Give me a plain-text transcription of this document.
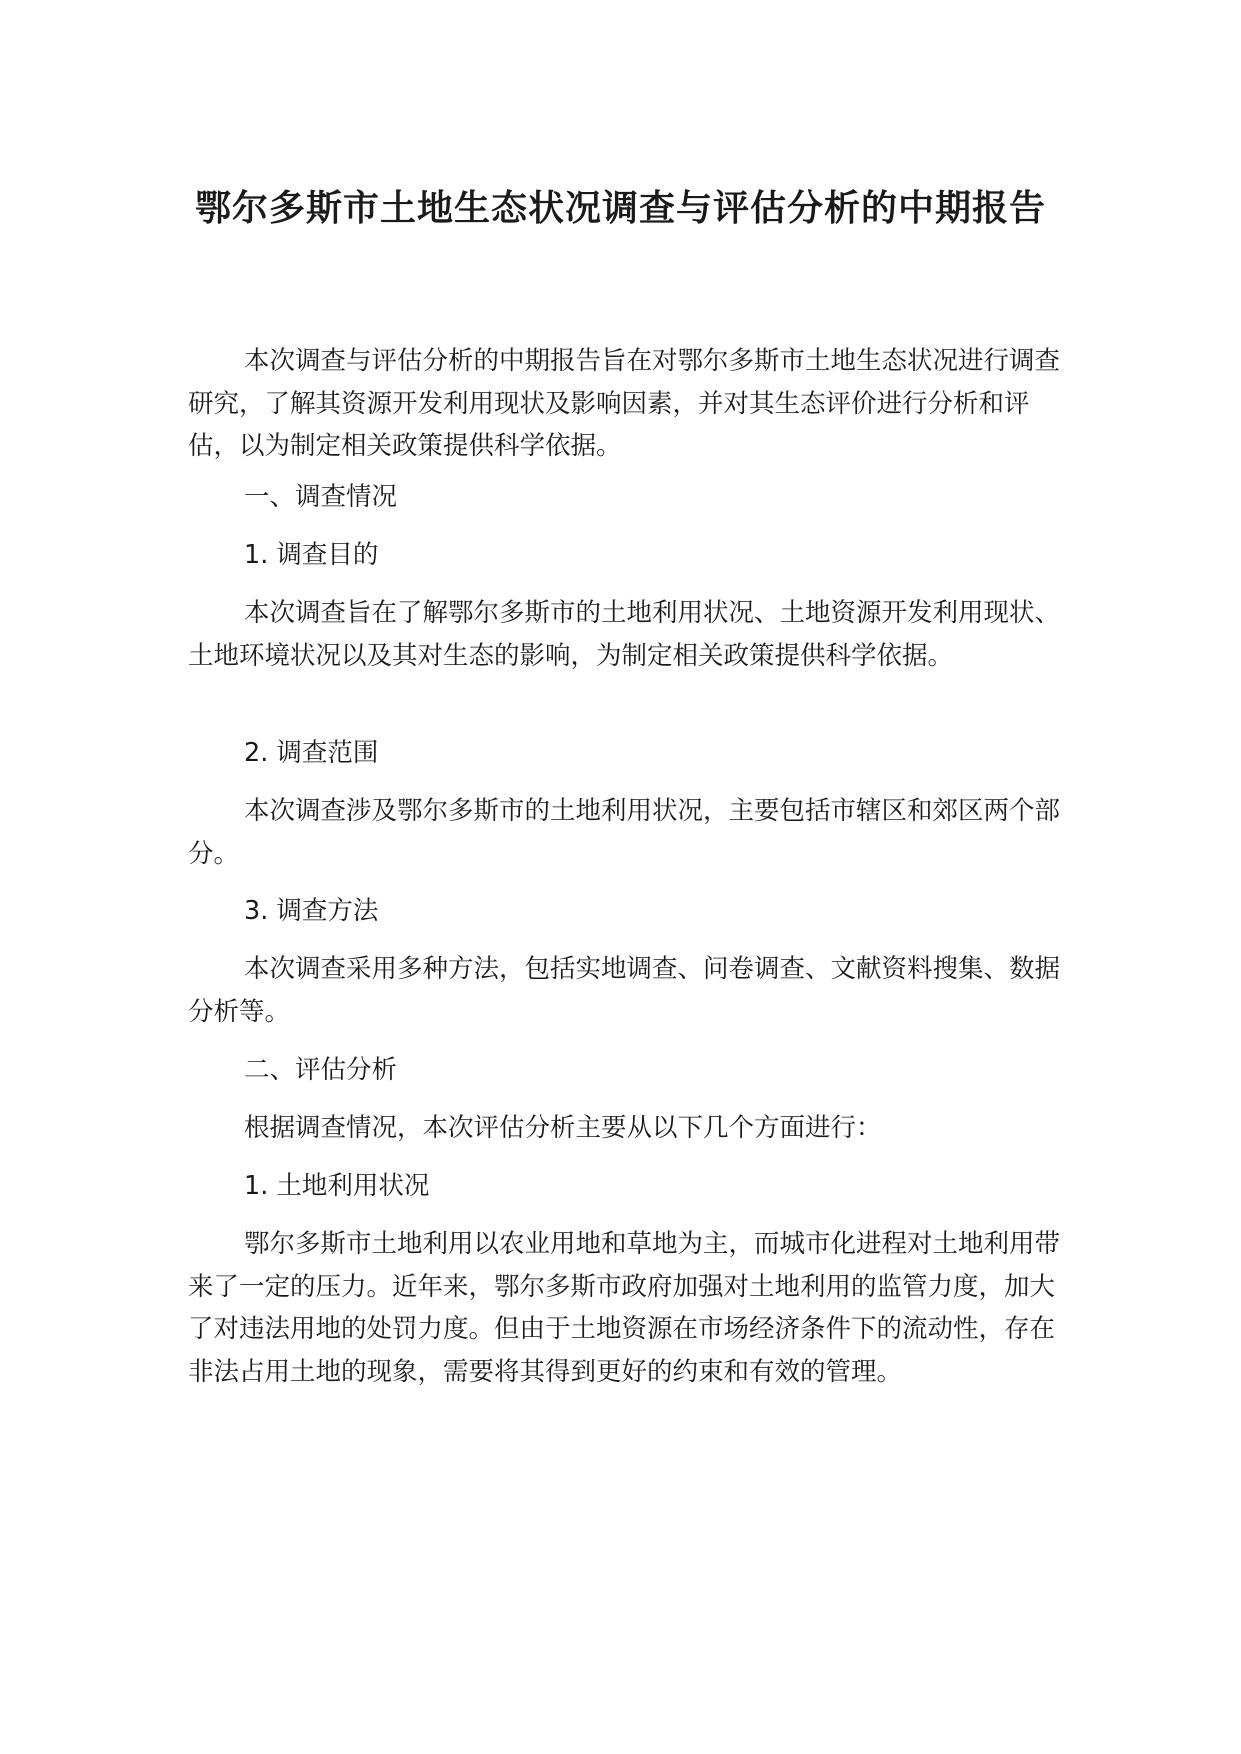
鄂尔多斯市土地生态状况调查与评估分析的中期报告

本次调查与评估分析的中期报告旨在对鄂尔多斯市土地生态状况进行调查研究，了解其资源开发利用现状及影响因素，并对其生态评价进行分析和评估，以为制定相关政策提供科学依据。

一、调查情况

1. 调查目的

本次调查旨在了解鄂尔多斯市的土地利用状况、土地资源开发利用现状、土地环境状况以及其对生态的影响，为制定相关政策提供科学依据。

2. 调查范围

本次调查涉及鄂尔多斯市的土地利用状况，主要包括市辖区和郊区两个部分。

3. 调查方法

本次调查采用多种方法，包括实地调查、问卷调查、文献资料搜集、数据分析等。

二、评估分析

根据调查情况，本次评估分析主要从以下几个方面进行：

1. 土地利用状况

鄂尔多斯市土地利用以农业用地和草地为主，而城市化进程对土地利用带来了一定的压力。近年来，鄂尔多斯市政府加强对土地利用的监管力度，加大了对违法用地的处罚力度。但由于土地资源在市场经济条件下的流动性，存在非法占用土地的现象，需要将其得到更好的约束和有效的管理。
